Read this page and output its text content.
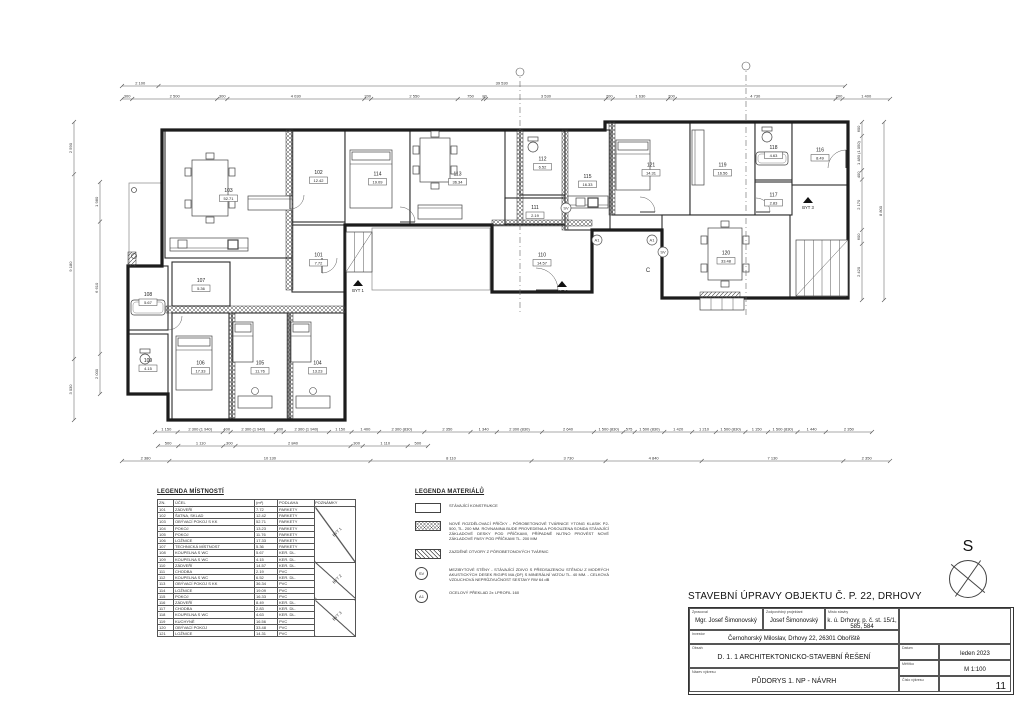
101
7.72
102
12.42
103
52.71
107
5.36
108
5.67
109
4.15
106
17.33
105
11.76
104
13.23
114
19.09
113
36.34
112
6.52
111
2.19
110
14.57
115
16.33
121
14.31
119
16.56
118
4.63
117
2.83
116
8.49
120
33.48
BYT 1	BYT 2
BYT 3
A1	A1
SV
SV
C
2 100	39 530
300	2 500	300	4 030	200	2 550	750 80	3 530	200	1 630	200	4 730	200	1 400
1 150	2 300 (1 940)	400	2 300 (1 940)	400	2 300 (1 940)	1 150	1 400	2 300 (830)	2 350	1 340	2 300 (830)	2 640	1 500 (830) 575 1 500 (830)	1 420	1 210	1 500 (830)	1 150	1 500 (830)	1 440	2 350
500	1 110	300	2 840	300	1 110	500
2 380	10 130	8 110	3 730	4 840	7 130	2 350
2 590
9 180
3 030
1 980
6 610
2 000
600
1 480 (1 050)
400
2 170
600
2 420
8 800
LEGENDA MÍSTNOSTÍ
ZN.	ÚČEL	(m²)	PODLAHA	POZNÁMKY
101	ZÁDVEŘÍ	7.72	PARKETY	BYT 1

102	ŠATNA, SKLAD	12.42	PARKETY	
103	OBÝVACÍ POKOJ S KK	52.71	PARKETY	
104	POKOJ	13.23	PARKETY	
105	POKOJ	11.76	PARKETY	
106	LOŽNICE	17.33	PARKETY	
107	TECHNICKÁ MÍSTNOST	5.36	PARKETY	
108	KOUPELNA S WC	5.67	KER. DL.	
109	KOUPELNA S WC	4.15	KER. DL.	
110	ZÁDVEŘÍ	14.57	KER. DL.	BYT 2

111	CHODBA	2.19	PVC	
112	KOUPELNA S WC	6.52	KER. DL.	
113	OBÝVACÍ POKOJ S KK	36.34	PVC	
114	LOŽNICE	19.09	PVC	
115	POKOJ	16.33	PVC	
116	ZÁDVEŘÍ	8.49	KER. DL.	BYT 3

117	CHODBA	2.83	KER. DL.	
118	KOUPELNA S WC	4.63	KER. DL.	
119	KUCHYNĚ	16.56	PVC	
120	OBÝVACÍ POKOJ	33.48	PVC	
121	LOŽNICE	14.31	PVC	
LEGENDA MATERIÁLŮ
STÁVAJÍCÍ KONSTRUKCE
NOVÉ ROZDĚLOVACÍ PŘÍČKY - PÓROBETONOVÉ TVÁRNICE YTONG KLASIK P2-500, TL. 200 MM. ROVNANINA BUDE PROVEDENA A POSOUZENA SONDA STÁVAJÍCÍ ZÁKLADOVÉ DESKY POD PŘÍČKAMI, PŘÍPADNĚ NUTNO PROVÉST NOVÉ ZÁKLADOVÉ PASY POD PŘÍČKAMI TL. 200 MM
ZAZDĚNÉ OTVORY Z PÓROBETONOVÝCH TVÁRNIC
SV
MEZIBYTOVÉ STĚNY - STÁVAJÍCÍ ZDIVO S PŘEDSAZENOU STĚNOU Z MODRÝCH AKUSTICKÝCH DESEK RIGIPS MA (DF) S MINERÁLNÍ VATOU TL. 40 MM. - CELKOVÁ VZDUCHOVÁ NEPRŮZVUČNOST SESTAVY RW 64 dB
A1
OCELOVÝ PŘEKLAD 2x I-PROFIL 160	STAVEBNÍ ÚPRAVY OBJEKTU Č. P. 22, DRHOVY
Zpracoval
Mgr. Josef Šimonovský
Zodpovědný projektant
Josef Šimonovský
Místo stavby
k. ú. Drhovy, p. č. st. 15/1, 585, 584
Investor
Černohorský Miloslav, Drhovy 22, 26301 Obořiště
Obsah
D. 1. 1 ARCHITEKTONICKO-STAVEBNÍ ŘEŠENÍ
Název výkresu
PŮDORYS 1. NP - NÁVRH
Datum
leden 2023
Měřítko
M 1:100
Číslo výkresu
11
S
